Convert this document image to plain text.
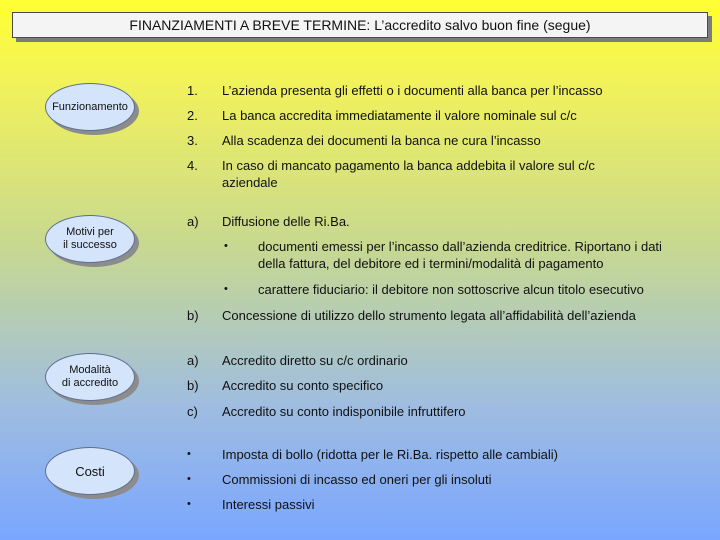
FINANZIAMENTI A BREVE TERMINE: L’accredito salvo buon fine (segue)
Funzionamento
Motivi per
il successo
Modalità
di accredito
Costi
1.	L’azienda presenta gli effetti o i documenti alla banca per l’incasso
2.	La banca accredita immediatamente il valore nominale sul c/c
3.	Alla scadenza dei documenti la banca ne cura l’incasso
4.	In caso di mancato pagamento la banca addebita il valore sul c/c aziendale
a)	Diffusione delle Ri.Ba.
• documenti emessi per l’incasso dall’azienda creditrice. Riportano i dati della fattura, del debitore ed i termini/modalità di pagamento
• carattere fiduciario: il debitore non sottoscrive alcun titolo esecutivo
b)	Concessione di utilizzo dello strumento legata all’affidabilità dell’azienda
a)	Accredito diretto su c/c ordinario
b)	Accredito su conto specifico
c)	Accredito su conto indisponibile infruttifero
•	Imposta di bollo (ridotta per le Ri.Ba. rispetto alle cambiali)
•	Commissioni di incasso ed oneri per gli insoluti
•	Interessi passivi
